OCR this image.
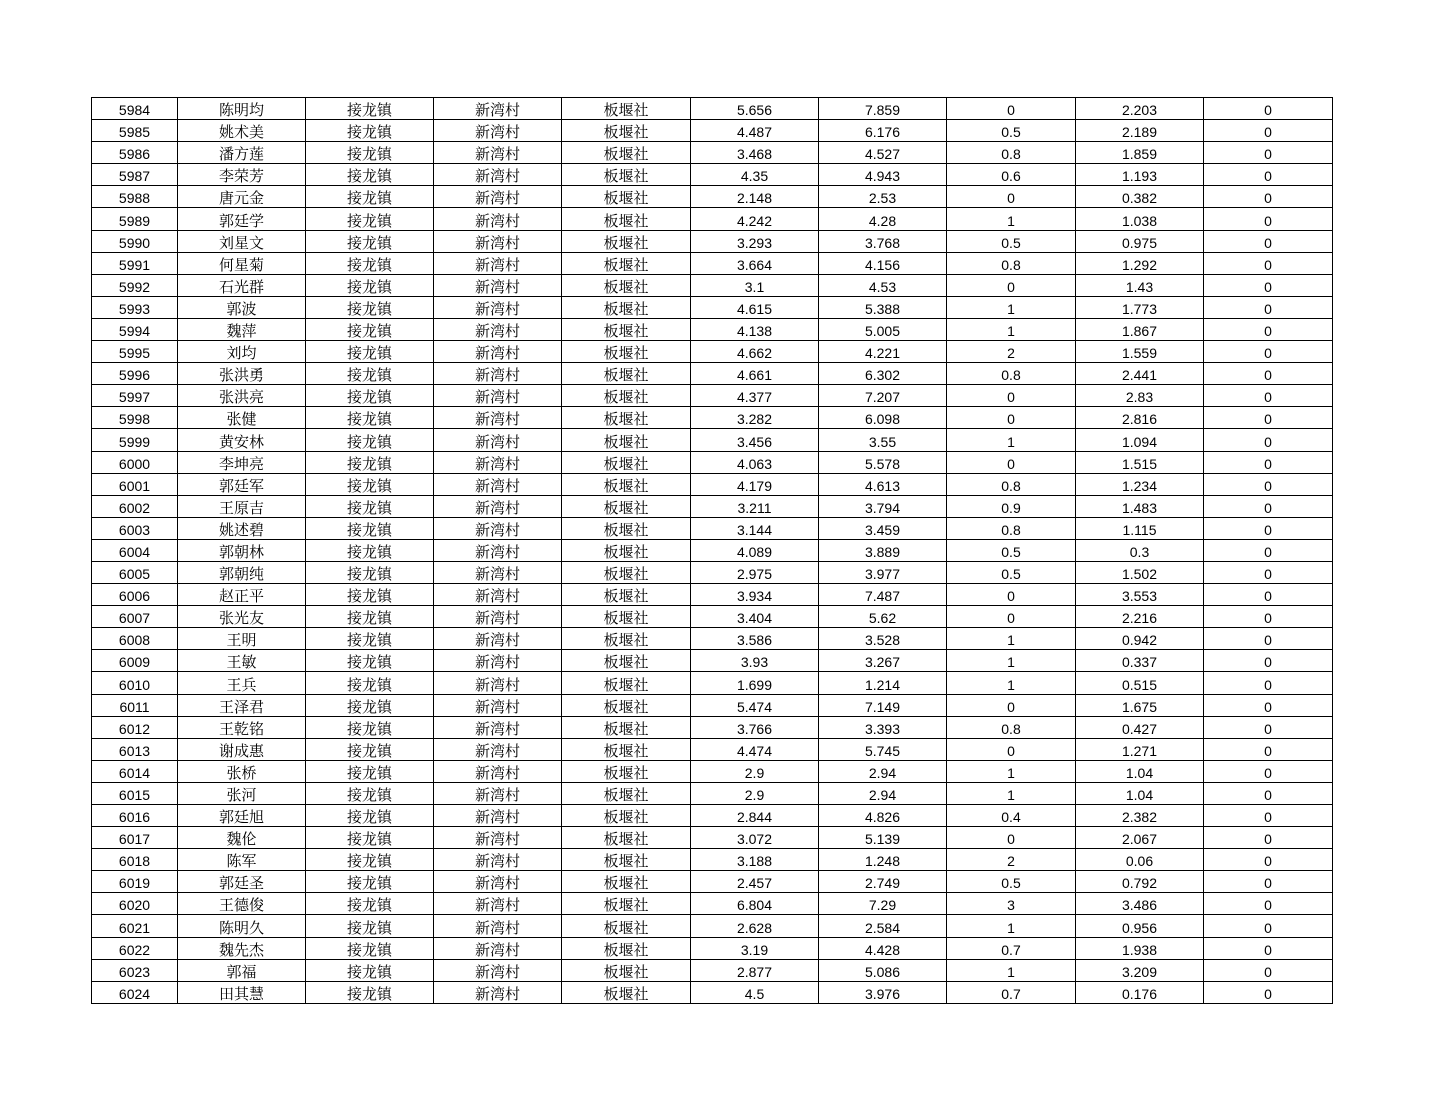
5984	陈明均	接龙镇	新湾村	板堰社	5.656	7.859	0	2.203	0
5985	姚术美	接龙镇	新湾村	板堰社	4.487	6.176	0.5	2.189	0
5986	潘方莲	接龙镇	新湾村	板堰社	3.468	4.527	0.8	1.859	0
5987	李荣芳	接龙镇	新湾村	板堰社	4.35	4.943	0.6	1.193	0
5988	唐元金	接龙镇	新湾村	板堰社	2.148	2.53	0	0.382	0
5989	郭廷学	接龙镇	新湾村	板堰社	4.242	4.28	1	1.038	0
5990	刘星文	接龙镇	新湾村	板堰社	3.293	3.768	0.5	0.975	0
5991	何星菊	接龙镇	新湾村	板堰社	3.664	4.156	0.8	1.292	0
5992	石光群	接龙镇	新湾村	板堰社	3.1	4.53	0	1.43	0
5993	郭波	接龙镇	新湾村	板堰社	4.615	5.388	1	1.773	0
5994	魏萍	接龙镇	新湾村	板堰社	4.138	5.005	1	1.867	0
5995	刘均	接龙镇	新湾村	板堰社	4.662	4.221	2	1.559	0
5996	张洪勇	接龙镇	新湾村	板堰社	4.661	6.302	0.8	2.441	0
5997	张洪亮	接龙镇	新湾村	板堰社	4.377	7.207	0	2.83	0
5998	张健	接龙镇	新湾村	板堰社	3.282	6.098	0	2.816	0
5999	黄安林	接龙镇	新湾村	板堰社	3.456	3.55	1	1.094	0
6000	李坤亮	接龙镇	新湾村	板堰社	4.063	5.578	0	1.515	0
6001	郭廷军	接龙镇	新湾村	板堰社	4.179	4.613	0.8	1.234	0
6002	王原吉	接龙镇	新湾村	板堰社	3.211	3.794	0.9	1.483	0
6003	姚述碧	接龙镇	新湾村	板堰社	3.144	3.459	0.8	1.115	0
6004	郭朝林	接龙镇	新湾村	板堰社	4.089	3.889	0.5	0.3	0
6005	郭朝纯	接龙镇	新湾村	板堰社	2.975	3.977	0.5	1.502	0
6006	赵正平	接龙镇	新湾村	板堰社	3.934	7.487	0	3.553	0
6007	张光友	接龙镇	新湾村	板堰社	3.404	5.62	0	2.216	0
6008	王明	接龙镇	新湾村	板堰社	3.586	3.528	1	0.942	0
6009	王敏	接龙镇	新湾村	板堰社	3.93	3.267	1	0.337	0
6010	王兵	接龙镇	新湾村	板堰社	1.699	1.214	1	0.515	0
6011	王泽君	接龙镇	新湾村	板堰社	5.474	7.149	0	1.675	0
6012	王乾铭	接龙镇	新湾村	板堰社	3.766	3.393	0.8	0.427	0
6013	谢成惠	接龙镇	新湾村	板堰社	4.474	5.745	0	1.271	0
6014	张桥	接龙镇	新湾村	板堰社	2.9	2.94	1	1.04	0
6015	张河	接龙镇	新湾村	板堰社	2.9	2.94	1	1.04	0
6016	郭廷旭	接龙镇	新湾村	板堰社	2.844	4.826	0.4	2.382	0
6017	魏伦	接龙镇	新湾村	板堰社	3.072	5.139	0	2.067	0
6018	陈军	接龙镇	新湾村	板堰社	3.188	1.248	2	0.06	0
6019	郭廷圣	接龙镇	新湾村	板堰社	2.457	2.749	0.5	0.792	0
6020	王德俊	接龙镇	新湾村	板堰社	6.804	7.29	3	3.486	0
6021	陈明久	接龙镇	新湾村	板堰社	2.628	2.584	1	0.956	0
6022	魏先杰	接龙镇	新湾村	板堰社	3.19	4.428	0.7	1.938	0
6023	郭福	接龙镇	新湾村	板堰社	2.877	5.086	1	3.209	0
6024	田其慧	接龙镇	新湾村	板堰社	4.5	3.976	0.7	0.176	0
